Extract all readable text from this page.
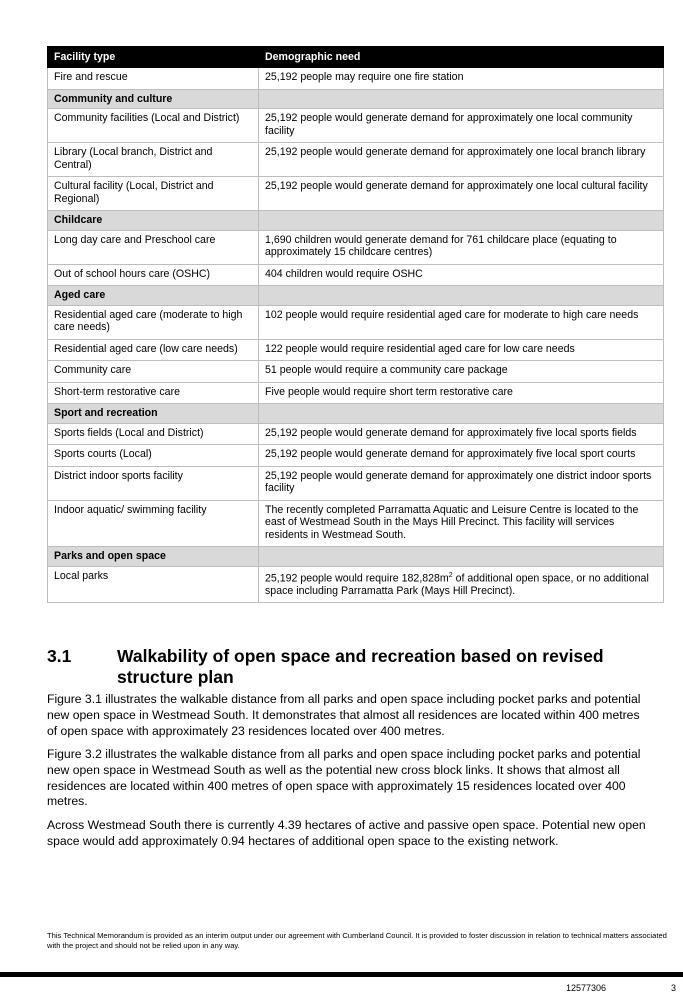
Facility type	Demographic need
Fire and rescue	25,192 people may require one fire station
Community and culture	
Community facilities (Local and District)	25,192 people would generate demand for approximately one local community facility
Library (Local branch, District and Central)	25,192 people would generate demand for approximately one local branch library
Cultural facility (Local, District and Regional)	25,192 people would generate demand for approximately one local cultural facility
Childcare	
Long day care and Preschool care	1,690 children would generate demand for 761 childcare place (equating to approximately 15 childcare centres)
Out of school hours care (OSHC)	404 children would require OSHC
Aged care	
Residential aged care (moderate to high care needs)	102 people would require residential aged care for moderate to high care needs
Residential aged care (low care needs)	122 people would require residential aged care for low care needs
Community care	51 people would require a community care package
Short-term restorative care	Five people would require short term restorative care
Sport and recreation	
Sports fields (Local and District)	25,192 people would generate demand for approximately five local sports fields
Sports courts (Local)	25,192 people would generate demand for approximately five local sport courts
District indoor sports facility	25,192 people would generate demand for approximately one district indoor sports facility
Indoor aquatic/ swimming facility	The recently completed Parramatta Aquatic and Leisure Centre is located to the east of Westmead South in the Mays Hill Precinct. This facility will services residents in Westmead South.
Parks and open space	
Local parks	25,192 people would require $182,828m^2$ of additional open space, or no additional space including Parramatta Park (Mays Hill Precinct).
3.1	Walkability of open space and recreation based on revised structure plan

Figure 3.1 illustrates the walkable distance from all parks and open space including pocket parks and potential new open space in Westmead South. It demonstrates that almost all residences are located within 400 metres of open space with approximately 23 residences located over 400 metres.

Figure 3.2 illustrates the walkable distance from all parks and open space including pocket parks and potential new open space in Westmead South as well as the potential new cross block links. It shows that almost all residences are located within 400 metres of open space with approximately 15 residences located over 400 metres.

Across Westmead South there is currently 4.39 hectares of active and passive open space. Potential new open space would add approximately 0.94 hectares of additional open space to the existing network.

This Technical Memorandum is provided as an interim output under our agreement with Cumberland Council. It is provided to foster discussion in relation to technical matters associated with the project and should not be relied upon in any way.
12577306	3
